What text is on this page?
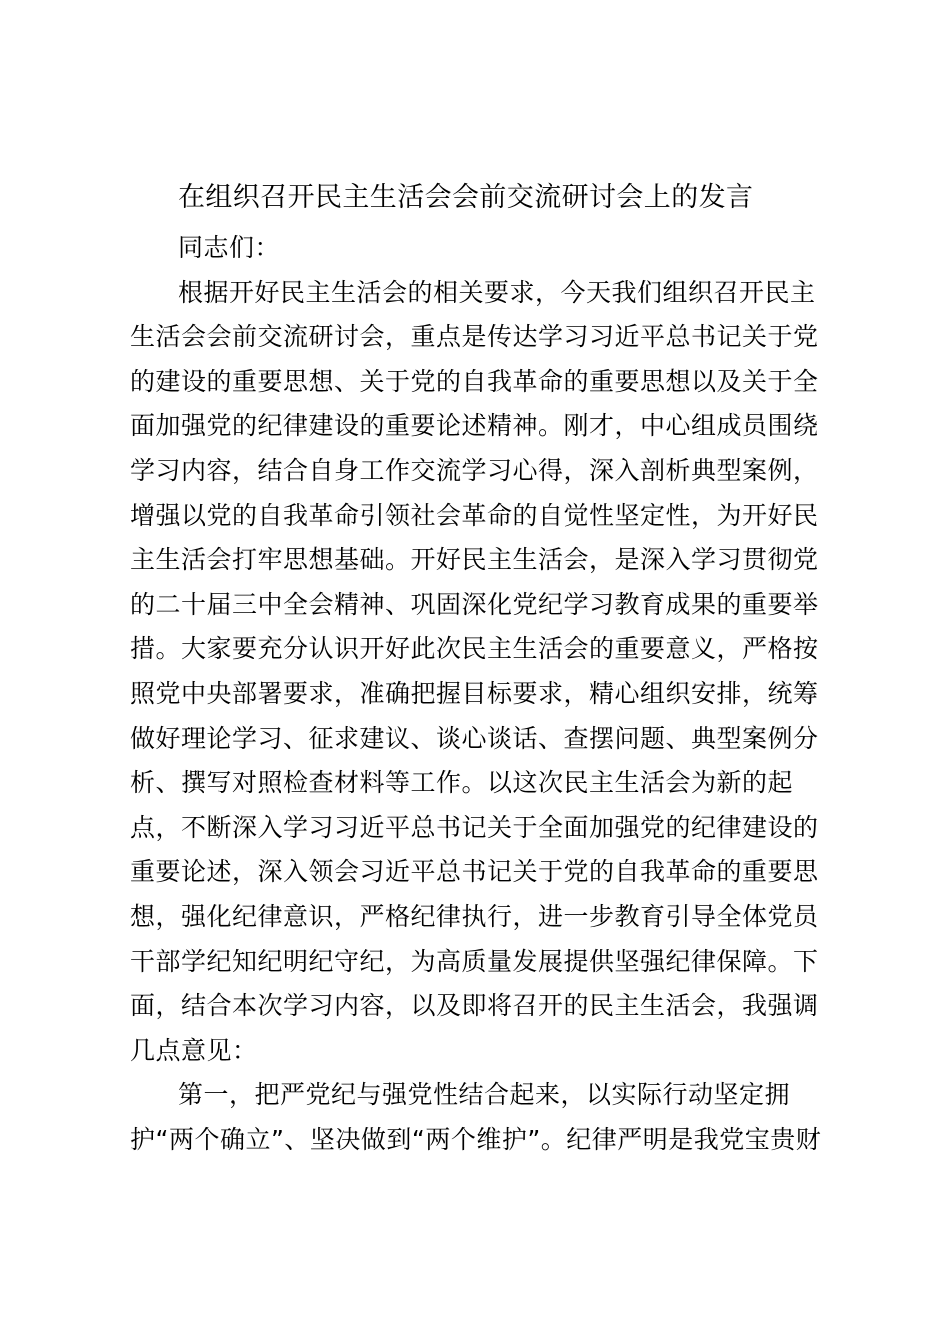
在组织召开民主生活会会前交流研讨会上的发言
同志们：
根据开好民主生活会的相关要求，今天我们组织召开民主
生活会会前交流研讨会，重点是传达学习习近平总书记关于党
的建设的重要思想、关于党的自我革命的重要思想以及关于全
面加强党的纪律建设的重要论述精神。刚才，中心组成员围绕
学习内容，结合自身工作交流学习心得，深入剖析典型案例，
增强以党的自我革命引领社会革命的自觉性坚定性，为开好民
主生活会打牢思想基础。开好民主生活会，是深入学习贯彻党
的二十届三中全会精神、巩固深化党纪学习教育成果的重要举
措。大家要充分认识开好此次民主生活会的重要意义，严格按
照党中央部署要求，准确把握目标要求，精心组织安排，统筹
做好理论学习、征求建议、谈心谈话、查摆问题、典型案例分
析、撰写对照检查材料等工作。以这次民主生活会为新的起
点，不断深入学习习近平总书记关于全面加强党的纪律建设的
重要论述，深入领会习近平总书记关于党的自我革命的重要思
想，强化纪律意识，严格纪律执行，进一步教育引导全体党员
干部学纪知纪明纪守纪，为高质量发展提供坚强纪律保障。下
面，结合本次学习内容，以及即将召开的民主生活会，我强调
几点意见：
第一，把严党纪与强党性结合起来，以实际行动坚定拥
护“两个确立”、坚决做到“两个维护”。纪律严明是我党宝贵财
